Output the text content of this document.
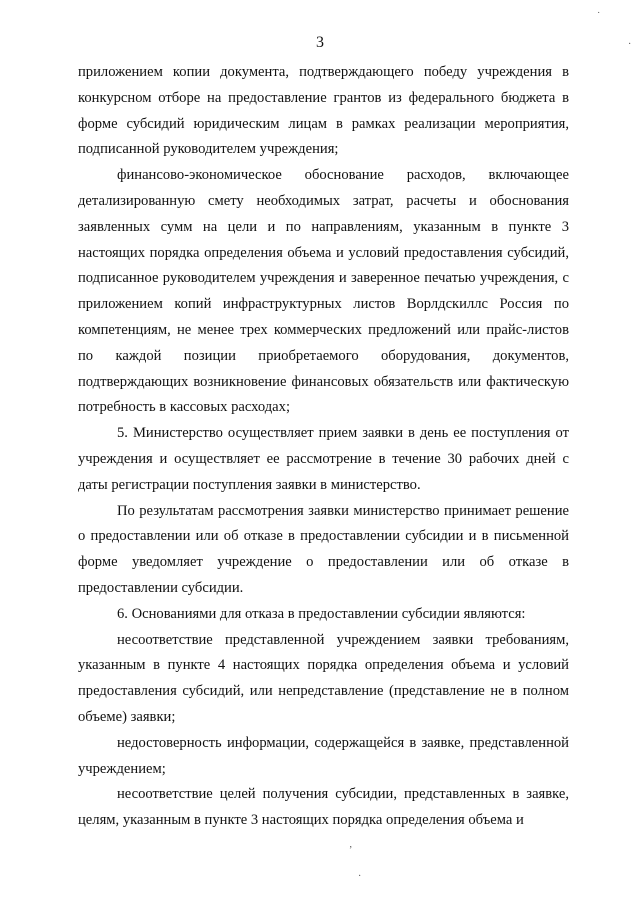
3

приложением копии документа, подтверждающего победу учреждения в конкурсном отборе на предоставление грантов из федерального бюджета в форме субсидий юридическим лицам в рамках реализации мероприятия, подписанной руководителем учреждения;

финансово-экономическое обоснование расходов, включающее детализированную смету необходимых затрат, расчеты и обоснования заявленных сумм на цели и по направлениям, указанным в пункте 3 настоящих порядка определения объема и условий предоставления субсидий, подписанное руководителем учреждения и заверенное печатью учреждения, с приложением копий инфраструктурных листов Ворлдскиллс Россия по компетенциям, не менее трех коммерческих предложений или прайс-листов по каждой позиции приобретаемого оборудования, документов, подтверждающих возникновение финансовых обязательств или фактическую потребность в кассовых расходах;

5. Министерство осуществляет прием заявки в день ее поступления от учреждения и осуществляет ее рассмотрение в течение 30 рабочих дней с даты регистрации поступления заявки в министерство.

По результатам рассмотрения заявки министерство принимает решение о предоставлении или об отказе в предоставлении субсидии и в письменной форме уведомляет учреждение о предоставлении или об отказе в предоставлении субсидии.

6. Основаниями для отказа в предоставлении субсидии являются:

несоответствие представленной учреждением заявки требованиям, указанным в пункте 4 настоящих порядка определения объема и условий предоставления субсидий, или непредставление (представление не в полном объеме) заявки;

недостоверность информации, содержащейся в заявке, представленной учреждением;

несоответствие целей получения субсидии, представленных в заявке, целям, указанным в пункте 3 настоящих порядка определения объема и

˙
·
‚
·
